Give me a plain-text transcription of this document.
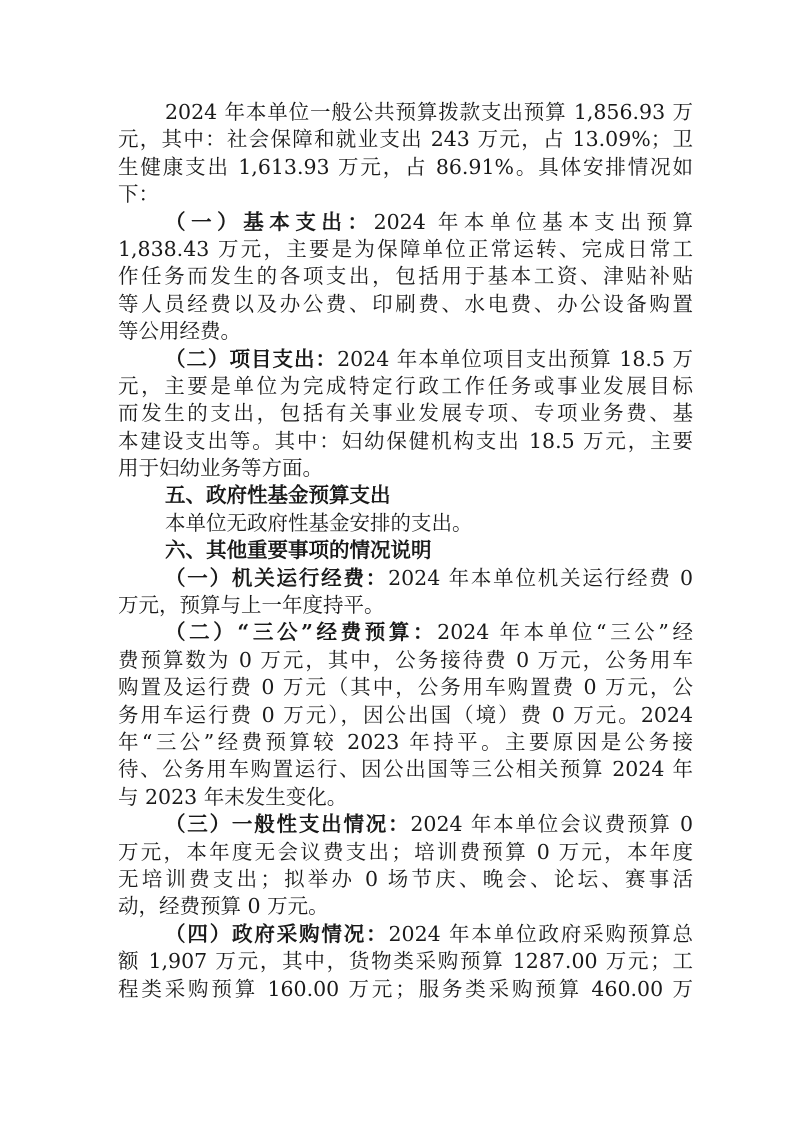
2024 年本单位一般公共预算拨款支出预算 1,856.93 万
元，其中：社会保障和就业支出 243 万元，占 13.09%；卫
生健康支出 1,613.93 万元，占 86.91%。具体安排情况如
下：
（一）基本支出：2024 年本单位基本支出预算
1,838.43 万元，主要是为保障单位正常运转、完成日常工
作任务而发生的各项支出，包括用于基本工资、津贴补贴
等人员经费以及办公费、印刷费、水电费、办公设备购置
等公用经费。
（二）项目支出：2024 年本单位项目支出预算 18.5 万
元，主要是单位为完成特定行政工作任务或事业发展目标
而发生的支出，包括有关事业发展专项、专项业务费、基
本建设支出等。其中：妇幼保健机构支出 18.5 万元，主要
用于妇幼业务等方面。
五、政府性基金预算支出
本单位无政府性基金安排的支出。
六、其他重要事项的情况说明
（一）机关运行经费：2024 年本单位机关运行经费 0
万元，预算与上一年度持平。
（二）“三公”经费预算：2024 年本单位“三公”经
费预算数为 0 万元，其中，公务接待费 0 万元，公务用车
购置及运行费 0 万元（其中，公务用车购置费 0 万元，公
务用车运行费 0 万元），因公出国（境）费 0 万元。2024
年“三公”经费预算较 2023 年持平。主要原因是公务接
待、公务用车购置运行、因公出国等三公相关预算 2024 年
与 2023 年未发生变化。
（三）一般性支出情况：2024 年本单位会议费预算 0
万元，本年度无会议费支出；培训费预算 0 万元，本年度
无培训费支出；拟举办 0 场节庆、晚会、论坛、赛事活
动，经费预算 0 万元。
（四）政府采购情况：2024 年本单位政府采购预算总
额 1,907 万元，其中，货物类采购预算 1287.00 万元；工
程类采购预算 160.00 万元；服务类采购预算 460.00 万
